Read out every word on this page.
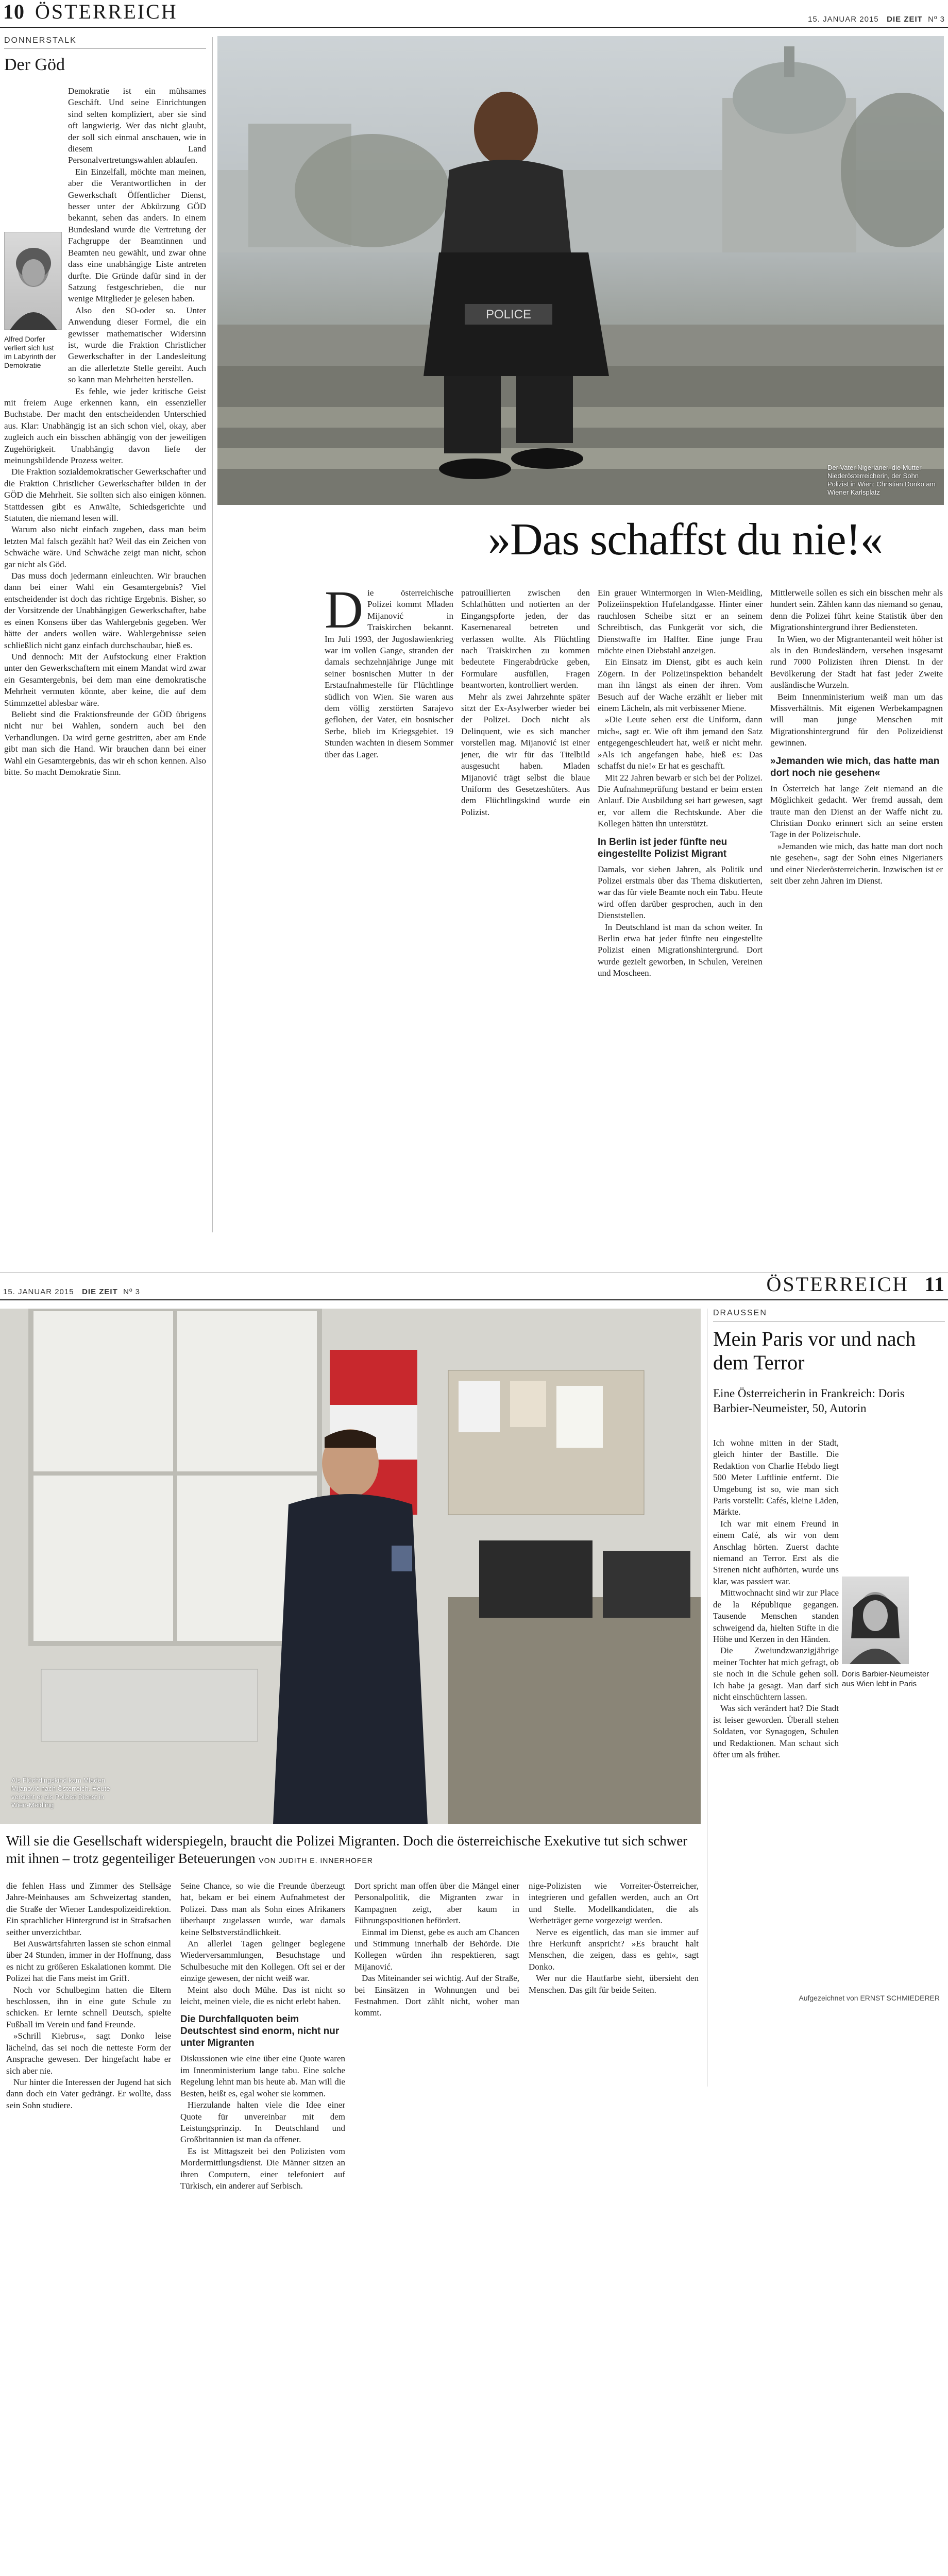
10 ÖSTERREICH	15. JANUAR 2015 DIE ZEIT Nº 3
DONNERSTALK
Der Göd
Alfred Dorfer verliert sich lust im Labyrinth der Demokratie

Demokratie ist ein mühsames Geschäft. Und seine Einrichtungen sind selten kompliziert, aber sie sind oft langwierig. Wer das nicht glaubt, der soll sich einmal anschauen, wie in diesem Land Personalvertretungswahlen ablaufen.

Ein Einzelfall, möchte man meinen, aber die Verantwortlichen in der Gewerkschaft Öffentlicher Dienst, besser unter der Abkürzung GÖD bekannt, sehen das anders. In einem Bundesland wurde die Vertretung der Fachgruppe der Beamtinnen und Beamten neu gewählt, und zwar ohne dass eine unabhängige Liste antreten durfte. Die Gründe dafür sind in der Satzung festgeschrieben, die nur wenige Mitglieder je gelesen haben.

Also den SO-oder so. Unter Anwendung dieser Formel, die ein gewisser mathematischer Widersinn ist, wurde die Fraktion Christlicher Gewerkschafter in der Landesleitung an die allerletzte Stelle gereiht. Auch so kann man Mehrheiten herstellen.

Es fehle, wie jeder kritische Geist mit freiem Auge erkennen kann, ein essenzieller Buchstabe. Der macht den entscheidenden Unterschied aus. Klar: Unabhängig ist an sich schon viel, okay, aber zugleich auch ein bisschen abhängig von der jeweiligen Zugehörigkeit. Unabhängig davon liefe der meinungsbildende Prozess weiter.

Die Fraktion sozialdemokratischer Gewerkschafter und die Fraktion Christlicher Gewerkschafter bilden in der GÖD die Mehrheit. Sie sollten sich also einigen können. Stattdessen gibt es Anwälte, Schiedsgerichte und Statuten, die niemand lesen will.

Warum also nicht einfach zugeben, dass man beim letzten Mal falsch gezählt hat? Weil das ein Zeichen von Schwäche wäre. Und Schwäche zeigt man nicht, schon gar nicht als Göd.

Das muss doch jedermann einleuchten. Wir brauchen dann bei einer Wahl ein Gesamtergebnis? Viel entscheidender ist doch das richtige Ergebnis. Bisher, so der Vorsitzende der Unabhängigen Gewerkschafter, habe es einen Konsens über das Wahlergebnis gegeben. Wer hätte der anders wollen wäre. Wahlergebnisse seien schließlich nicht ganz einfach durchschaubar, hieß es.

Und dennoch: Mit der Aufstockung einer Fraktion unter den Gewerkschaftern mit einem Mandat wird zwar ein Gesamtergebnis, bei dem man eine demokratische Mehrheit vermuten könnte, aber keine, die auf dem Stimmzettel ablesbar wäre.

Beliebt sind die Fraktionsfreunde der GÖD übrigens nicht nur bei Wahlen, sondern auch bei den Verhandlungen. Da wird gerne gestritten, aber am Ende gibt man sich die Hand. Wir brauchen dann bei einer Wahl ein Gesamtergebnis, das wir eh schon kennen. Also bitte. So macht Demokratie Sinn.

POLICE
Der Vater Nigerianer, die Mutter Niederösterreicherin, der Sohn Polizist in Wien: Christian Donko am Wiener Karlsplatz
»Das schaffst du nie!«
D ie österreichische Polizei kommt Mladen Mijanović in Traiskirchen bekannt. Im Juli 1993, der Jugoslawienkrieg war im vollen Gange, stranden der damals sechzehnjährige Junge mit seiner bosnischen Mutter in der Erstaufnahmestelle für Flüchtlinge südlich von Wien. Sie waren aus dem völlig zerstörten Sarajevo geflohen, der Vater, ein bosnischer Serbe, blieb im Kriegsgebiet. 19 Stunden wachten in diesem Sommer über das Lager.

patrouillierten zwischen den Schlafhütten und notierten an der Eingangspforte jeden, der das Kasernenareal betreten und verlassen wollte. Als Flüchtling nach Traiskirchen zu kommen bedeutete Fingerabdrücke geben, Formulare ausfüllen, Fragen beantworten, kontrolliert werden.

Mehr als zwei Jahrzehnte später sitzt der Ex-Asylwerber wieder bei der Polizei. Doch nicht als Delinquent, wie es sich mancher vorstellen mag. Mijanović ist einer jener, die wir für das Titelbild ausgesucht haben. Mladen Mijanović trägt selbst die blaue Uniform des Gesetzeshüters. Aus dem Flüchtlingskind wurde ein Polizist.

Ein grauer Wintermorgen in Wien-Meidling, Polizeiinspektion Hufelandgasse. Hinter einer rauchlosen Scheibe sitzt er an seinem Schreibtisch, das Funkgerät vor sich, die Dienstwaffe im Halfter. Eine junge Frau möchte einen Diebstahl anzeigen.

Ein Einsatz im Dienst, gibt es auch kein Zögern. In der Polizeiinspektion behandelt man ihn längst als einen der ihren. Vom Besuch auf der Wache erzählt er lieber mit einem Lächeln, als mit verbissener Miene.

»Die Leute sehen erst die Uniform, dann mich«, sagt er. Wie oft ihm jemand den Satz entgegengeschleudert hat, weiß er nicht mehr. »Als ich angefangen habe, hieß es: Das schaffst du nie!« Er hat es geschafft.

Mit 22 Jahren bewarb er sich bei der Polizei. Die Aufnahmeprüfung bestand er beim ersten Anlauf. Die Ausbildung sei hart gewesen, sagt er, vor allem die Rechtskunde. Aber die Kollegen hätten ihn unterstützt.

In Berlin ist jeder fünfte neu eingestellte Polizist Migrant

Damals, vor sieben Jahren, als Politik und Polizei erstmals über das Thema diskutierten, war das für viele Beamte noch ein Tabu. Heute wird offen darüber gesprochen, auch in den Dienststellen.

In Deutschland ist man da schon weiter. In Berlin etwa hat jeder fünfte neu eingestellte Polizist einen Migrationshintergrund. Dort wurde gezielt geworben, in Schulen, Vereinen und Moscheen.

Mittlerweile sollen es sich ein bisschen mehr als hundert sein. Zählen kann das niemand so genau, denn die Polizei führt keine Statistik über den Migrationshintergrund ihrer Bediensteten.

In Wien, wo der Migrantenanteil weit höher ist als in den Bundesländern, versehen insgesamt rund 7000 Polizisten ihren Dienst. In der Bevölkerung der Stadt hat fast jeder Zweite ausländische Wurzeln.

Beim Innenministerium weiß man um das Missverhältnis. Mit eigenen Werbekampagnen will man junge Menschen mit Migrationshintergrund für den Polizeidienst gewinnen.

»Jemanden wie mich, das hatte man dort noch nie gesehen«

In Österreich hat lange Zeit niemand an die Möglichkeit gedacht. Wer fremd aussah, dem traute man den Dienst an der Waffe nicht zu. Christian Donko erinnert sich an seine ersten Tage in der Polizeischule.

»Jemanden wie mich, das hatte man dort noch nie gesehen«, sagt der Sohn eines Nigerianers und einer Niederösterreicherin. Inzwischen ist er seit über zehn Jahren im Dienst.

15. JANUAR 2015 DIE ZEIT Nº 3	ÖSTERREICH 11
Als Flüchtlingskind kam Mladen Mijanović nach Österreich. Heute versieht er als Polizist Dienst in Wien-Meidling
Will sie die Gesellschaft widerspiegeln, braucht die Polizei Migranten. Doch die österreichische Exekutive tut sich schwer mit ihnen – trotz gegenteiliger Beteuerungen VON JUDITH E. INNERHOFER

die fehlen Hass und Zimmer des Stellsäge Jahre-Meinhauses am Schweizertag standen, die Straße der Wiener Landespolizeidirektion. Ein sprachlicher Hintergrund ist in Strafsachen seither unverzichtbar.

Bei Auswärtsfahrten lassen sie schon einmal über 24 Stunden, immer in der Hoffnung, dass es nicht zu größeren Eskalationen kommt. Die Polizei hat die Fans meist im Griff.

Noch vor Schulbeginn hatten die Eltern beschlossen, ihn in eine gute Schule zu schicken. Er lernte schnell Deutsch, spielte Fußball im Verein und fand Freunde.

»Schrill Kiebrus«, sagt Donko leise lächelnd, das sei noch die netteste Form der Ansprache gewesen. Der hingefacht habe er sich aber nie.

Nur hinter die Interessen der Jugend hat sich dann doch ein Vater gedrängt. Er wollte, dass sein Sohn studiere.

Seine Chance, so wie die Freunde überzeugt hat, bekam er bei einem Aufnahmetest der Polizei. Dass man als Sohn eines Afrikaners überhaupt zugelassen wurde, war damals keine Selbstverständlichkeit.

An allerlei Tagen gelinger beglegene Wiederversammlungen, Besuchstage und Schulbesuche mit den Kollegen. Oft sei er der einzige gewesen, der nicht weiß war.

Meint also doch Mühe. Das ist nicht so leicht, meinen viele, die es nicht erlebt haben.

Die Durchfallquoten beim Deutschtest sind enorm, nicht nur unter Migranten

Diskussionen wie eine über eine Quote waren im Innenministerium lange tabu. Eine solche Regelung lehnt man bis heute ab. Man will die Besten, heißt es, egal woher sie kommen.

Hierzulande halten viele die Idee einer Quote für unvereinbar mit dem Leistungsprinzip. In Deutschland und Großbritannien ist man da offener.

Es ist Mittagszeit bei den Polizisten vom Mordermittlungsdienst. Die Männer sitzen an ihren Computern, einer telefoniert auf Türkisch, ein anderer auf Serbisch.

Dort spricht man offen über die Mängel einer Personalpolitik, die Migranten zwar in Kampagnen zeigt, aber kaum in Führungspositionen befördert.

Einmal im Dienst, gebe es auch am Chancen und Stimmung innerhalb der Behörde. Die Kollegen würden ihn respektieren, sagt Mijanović.

Das Miteinander sei wichtig. Auf der Straße, bei Einsätzen in Wohnungen und bei Festnahmen. Dort zählt nicht, woher man kommt.

nige-Polizisten wie Vorreiter-Österreicher, integrieren und gefallen werden, auch an Ort und Stelle. Modellkandidaten, die als Werbeträger gerne vorgezeigt werden.

Nerve es eigentlich, das man sie immer auf ihre Herkunft anspricht? »Es braucht halt Menschen, die zeigen, dass es geht«, sagt Donko.

Wer nur die Hautfarbe sieht, übersieht den Menschen. Das gilt für beide Seiten.

DRAUSSEN
Mein Paris vor und nach dem Terror
Eine Österreicherin in Frankreich: Doris Barbier-Neumeister, 50, Autorin
Doris Barbier-Neumeister aus Wien lebt in Paris

Ich wohne mitten in der Stadt, gleich hinter der Bastille. Die Redaktion von Charlie Hebdo liegt 500 Meter Luftlinie entfernt. Die Umgebung ist so, wie man sich Paris vorstellt: Cafés, kleine Läden, Märkte.

Ich war mit einem Freund in einem Café, als wir von dem Anschlag hörten. Zuerst dachte niemand an Terror. Erst als die Sirenen nicht aufhörten, wurde uns klar, was passiert war.

Mittwochnacht sind wir zur Place de la République gegangen. Tausende Menschen standen schweigend da, hielten Stifte in die Höhe und Kerzen in den Händen.

Die Zweiundzwanzigjährige meiner Tochter hat mich gefragt, ob sie noch in die Schule gehen soll. Ich habe ja gesagt. Man darf sich nicht einschüchtern lassen.

Was sich verändert hat? Die Stadt ist leiser geworden. Überall stehen Soldaten, vor Synagogen, Schulen und Redaktionen. Man schaut sich öfter um als früher.

Aufgezeichnet von ERNST SCHMIEDERER
